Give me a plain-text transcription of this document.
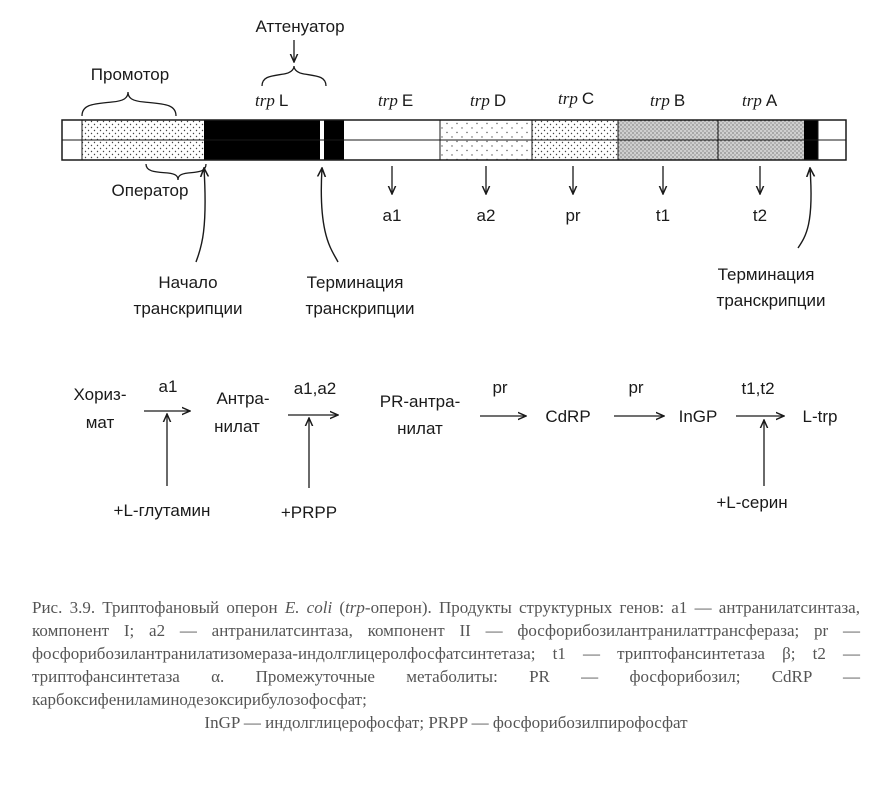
Аттенуатор
Промотор
Оператор
trp L	trp E	trp D	trp C	trp B	trp A
a1	a2	pr	t1	t2
Начало
транскрипции
Терминация
транскрипции
Терминация
транскрипции
Хориз-
мат
a1
+L-глутамин
Антра-
нилат
a1,a2
+PRPP
PR-антра-
нилат
pr
CdRP
pr
InGP
t1,t2
+L-серин
L-trp
Рис. 3.9. Триптофановый оперон E. coli (trp-оперон). Продукты структурных генов: a1 — антранилатсинтаза, компонент I; a2 — антранилатсинтаза, компонент II — фосфорибозилантранилаттрансфераза; pr — фосфорибозилантранилатизомераза-индолглицеролфосфатсинтетаза; t1 — триптофансинтетаза β; t2 — триптофансинтетаза α. Промежуточные метаболиты: PR — фосфорибозил; CdRP — карбоксифениламинодезоксирибулозофосфат;
InGP — индолглицерофосфат; PRPP — фосфорибозилпирофосфат
